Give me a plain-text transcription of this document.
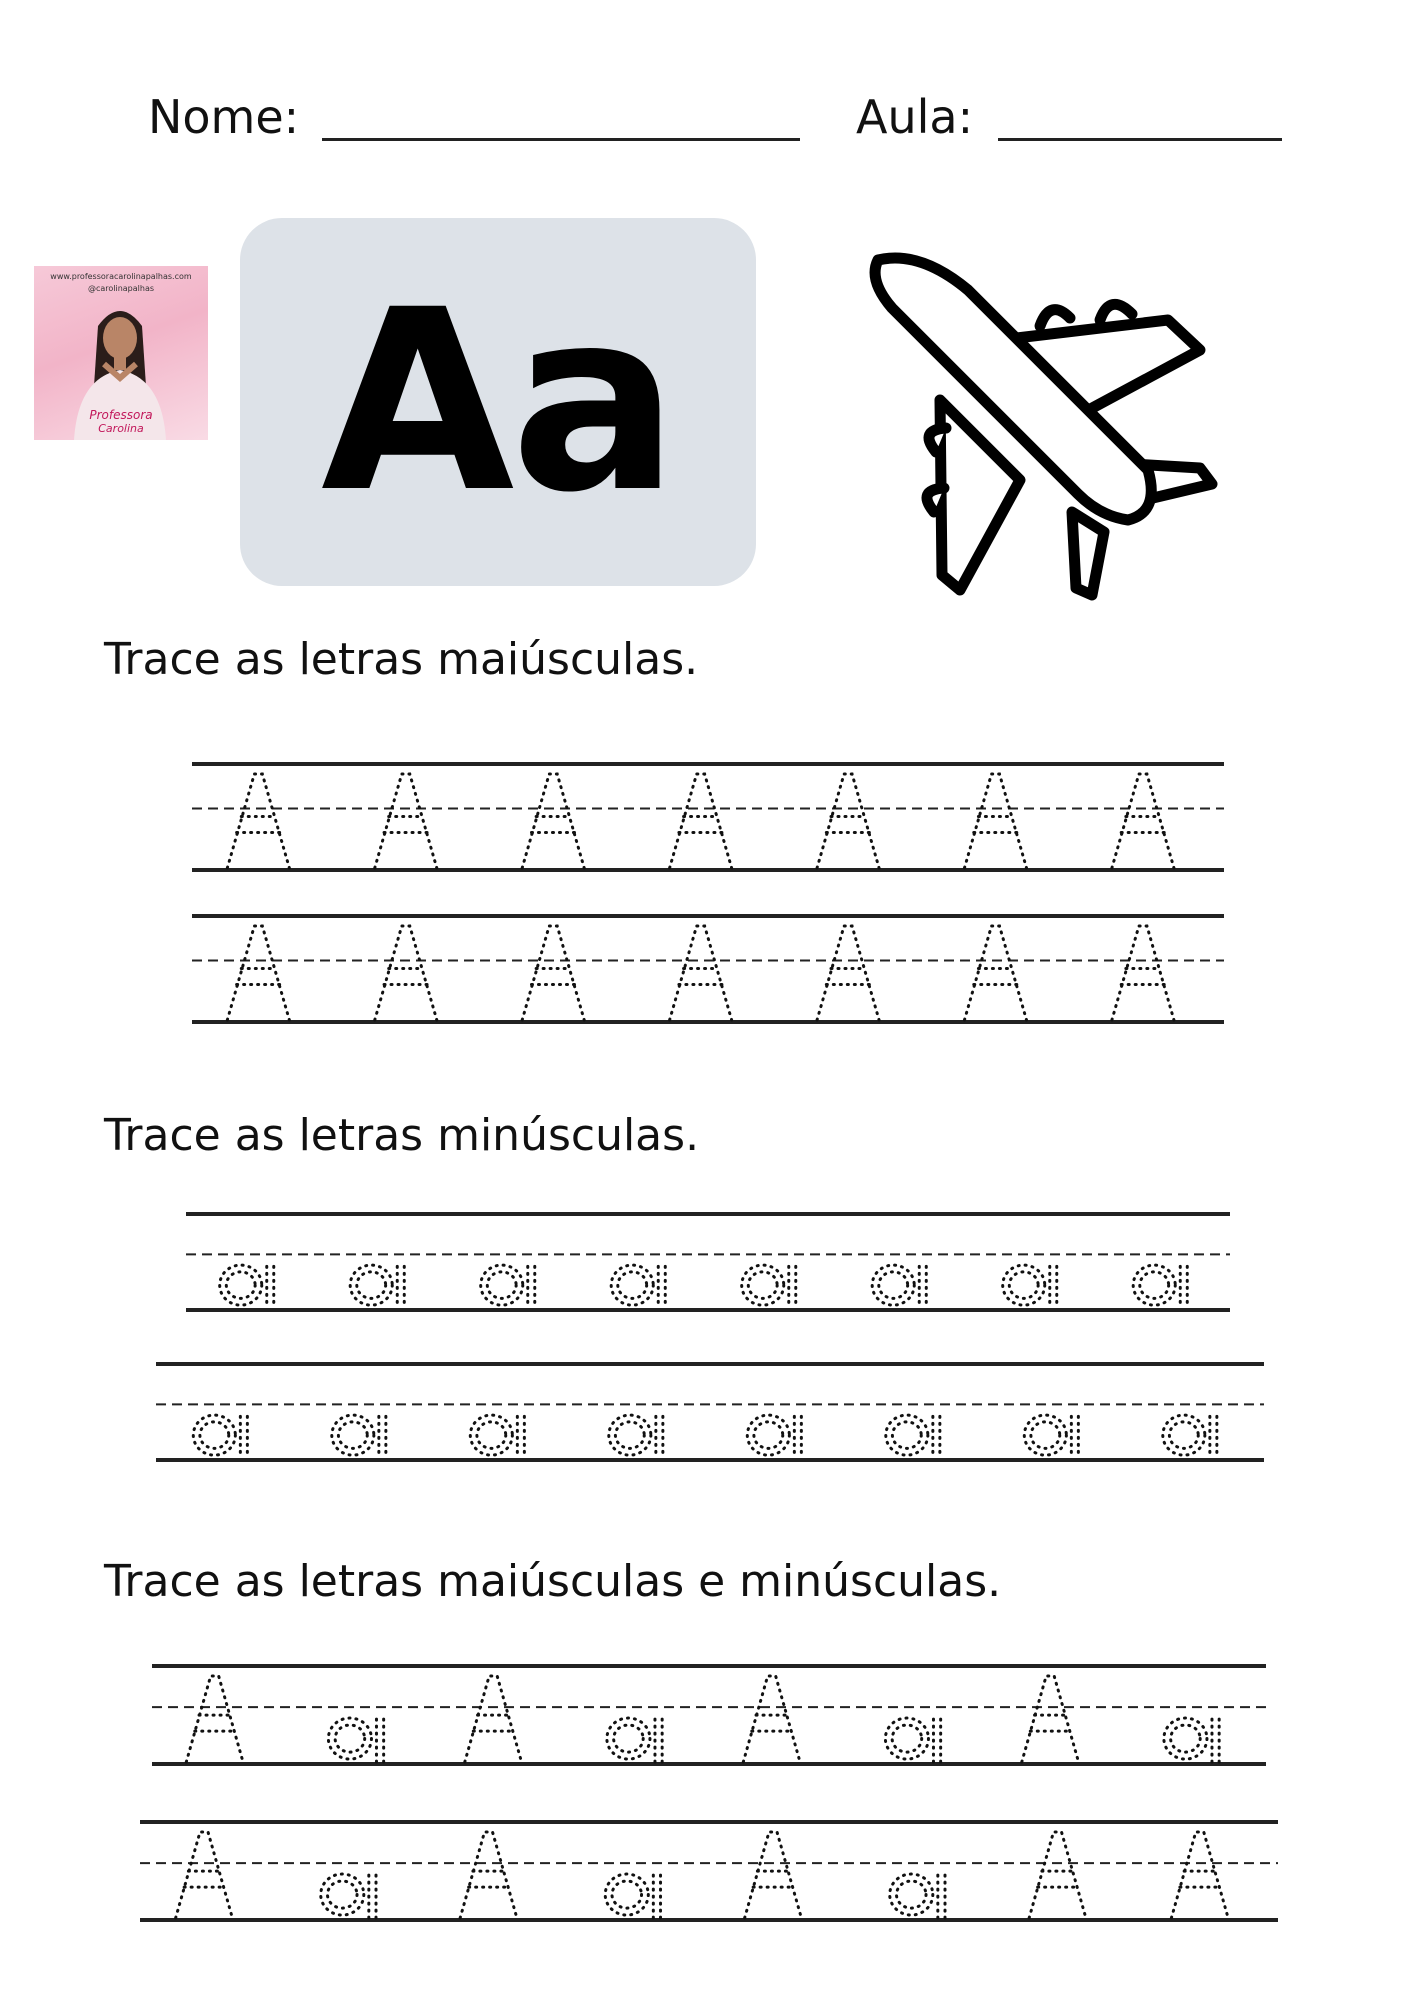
Nome:	Aula:
www.professoracarolinapalhas.com
@carolinapalhas
Professora
Carolina Aa
Trace as letras maiúsculas.
Trace as letras minúsculas.
Trace as letras maiúsculas e minúsculas.
